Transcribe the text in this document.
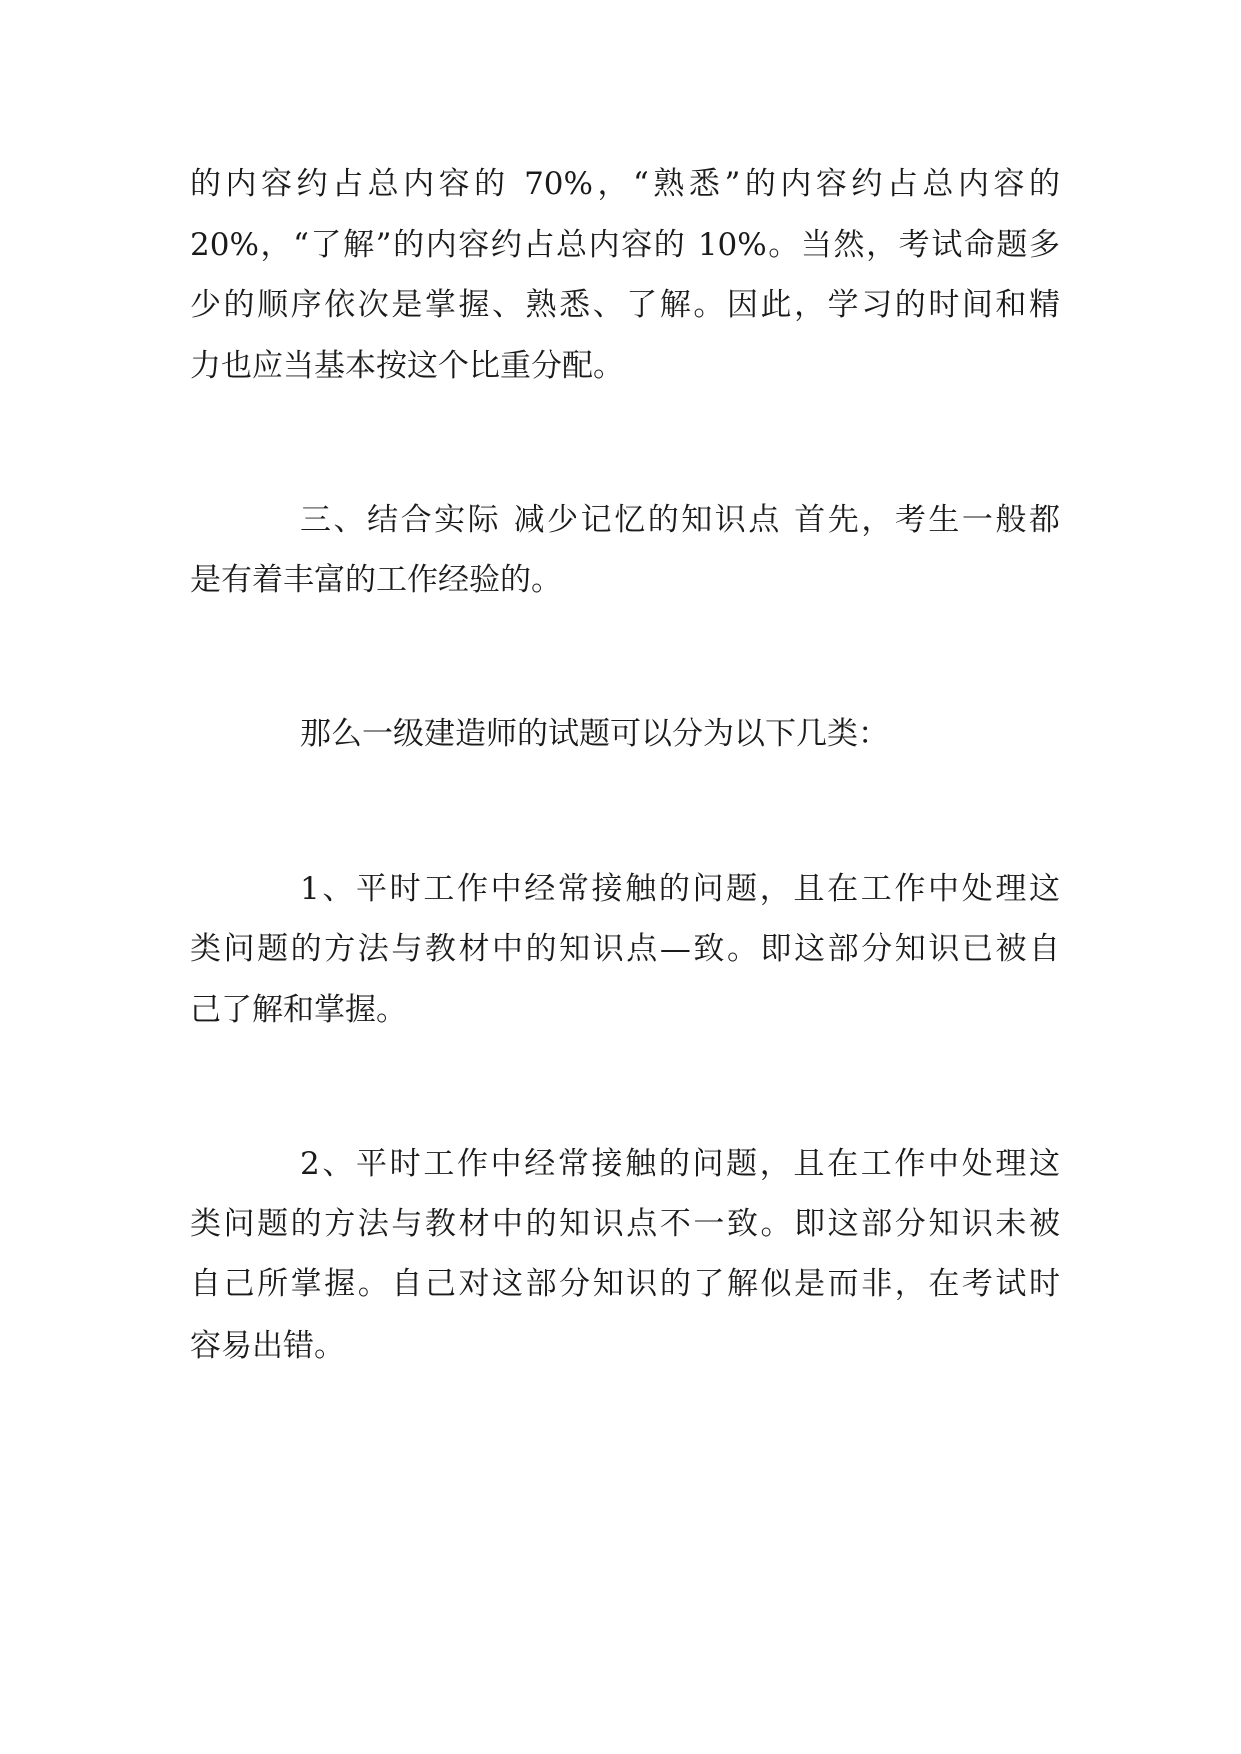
的内容约占总内容的 70%，“熟悉”的内容约占总内容的
20%，“了解”的内容约占总内容的 10%。当然，考试命题多
少的顺序依次是掌握、熟悉、了解。因此，学习的时间和精
力也应当基本按这个比重分配。
三、结合实际 减少记忆的知识点 首先，考生一般都
是有着丰富的工作经验的。
那么一级建造师的试题可以分为以下几类：
1、平时工作中经常接触的问题，且在工作中处理这
类问题的方法与教材中的知识点—致。即这部分知识已被自
己了解和掌握。
2、平时工作中经常接触的问题，且在工作中处理这
类问题的方法与教材中的知识点不一致。即这部分知识未被
自己所掌握。自己对这部分知识的了解似是而非，在考试时
容易出错。
